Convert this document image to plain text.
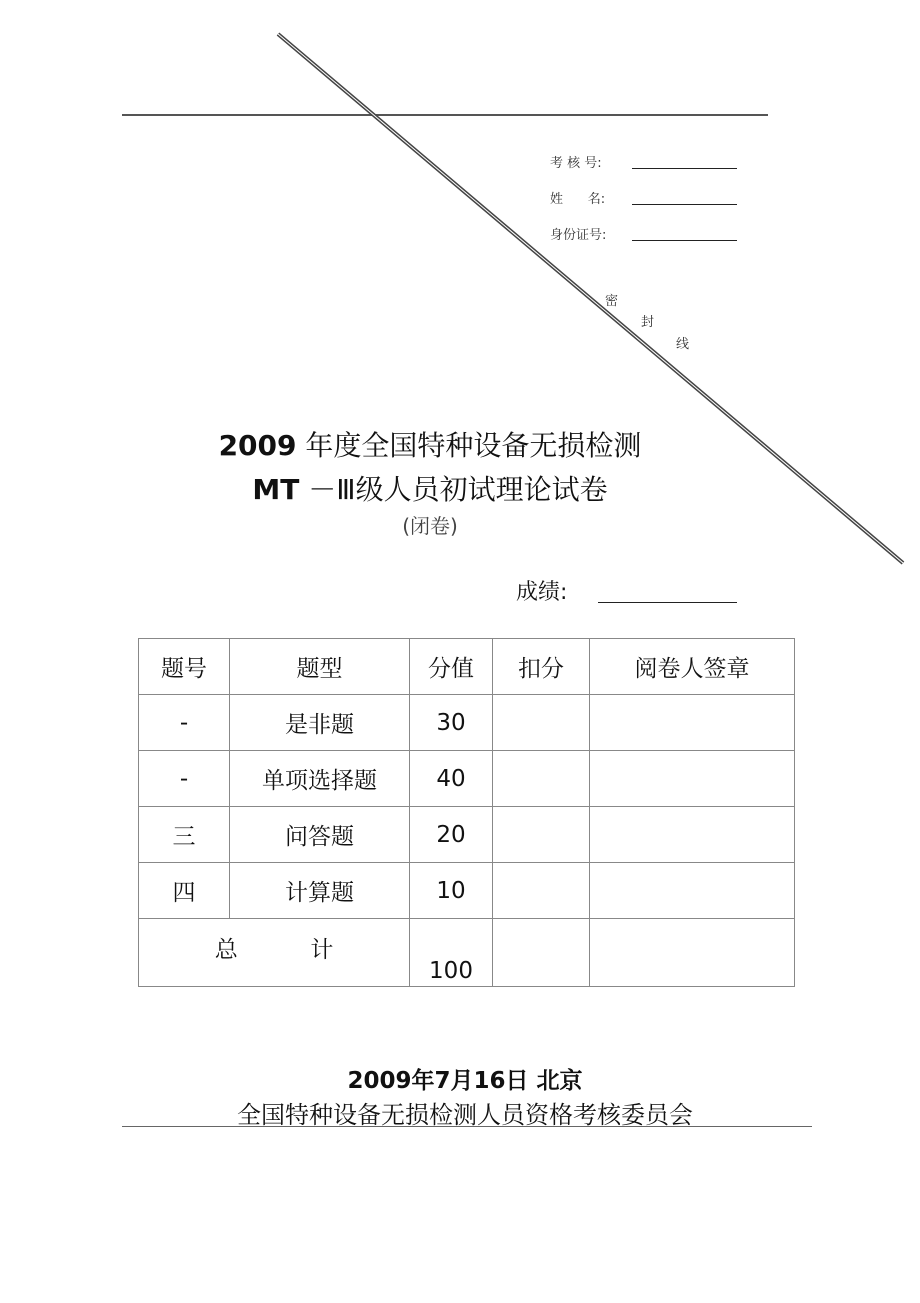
考 核 号:
姓      名:
身份证号:
密
封
线
2009 年度全国特种设备无损检测
MT －Ⅲ级人员初试理论试卷
(闭卷)
成绩:
题号	题型	分值	扣分	阅卷人签章
-	是非题	30		
-	单项选择题	40		
三	问答题	20		
四	计算题	10		
总 计		100		
2009年7月16日 北京
全国特种设备无损检测人员资格考核委员会
